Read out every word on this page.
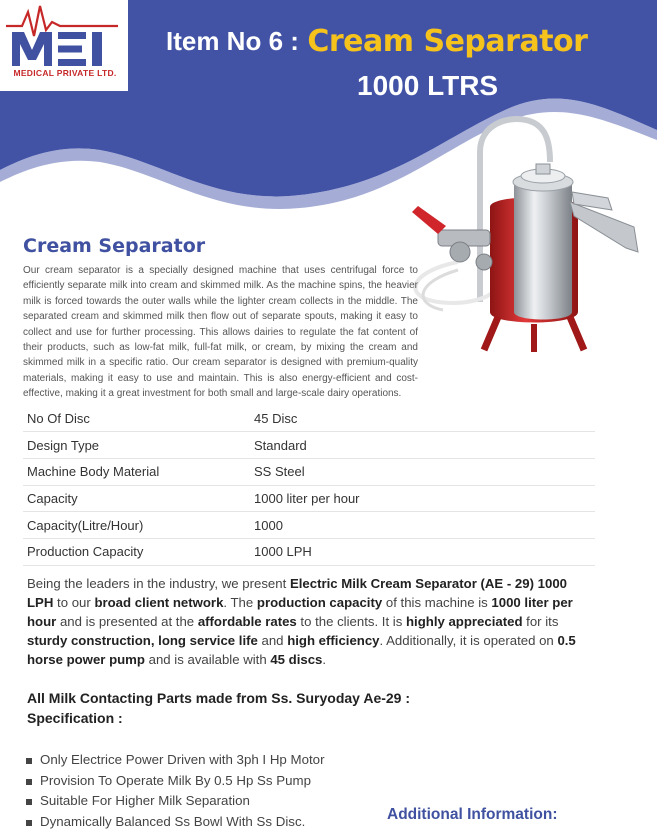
MEDICAL PRIVATE LTD.
Item No 6 : Cream Separator
1000 LTRS
Cream Separator

Our cream separator is a specially designed machine that uses centrifugal force to efficiently separate milk into cream and skimmed milk. As the machine spins, the heavier milk is forced towards the outer walls while the lighter cream collects in the middle. The separated cream and skimmed milk then flow out of separate spouts, making it easy to collect and use for further processing. This allows dairies to regulate the fat content of their products, such as low-fat milk, full-fat milk, or cream, by mixing the cream and skimmed milk in a specific ratio. Our cream separator is designed with premium-quality materials, making it easy to use and maintain. This is also energy-efficient and cost-effective, making it a great investment for both small and large-scale dairy operations.

No Of Disc	45 Disc
Design Type	Standard
Machine Body Material	SS Steel
Capacity	1000 liter per hour
Capacity(Litre/Hour)	1000
Production Capacity	1000 LPH

Being the leaders in the industry, we present Electric Milk Cream Separator (AE - 29) 1000 LPH to our broad client network. The production capacity of this machine is 1000 liter per hour and is presented at the affordable rates to the clients. It is highly appreciated for its sturdy construction, long service life and high efficiency. Additionally, it is operated on 0.5 horse power pump and is available with 45 discs.

All Milk Contacting Parts made from Ss. Suryoday Ae-29 :
Specification :
Only Electrice Power Driven with 3ph I Hp Motor
Provision To Operate Milk By 0.5 Hp Ss Pump
Suitable For Higher Milk Separation
Dynamically Balanced Ss Bowl With Ss Disc.	Additional Information:
